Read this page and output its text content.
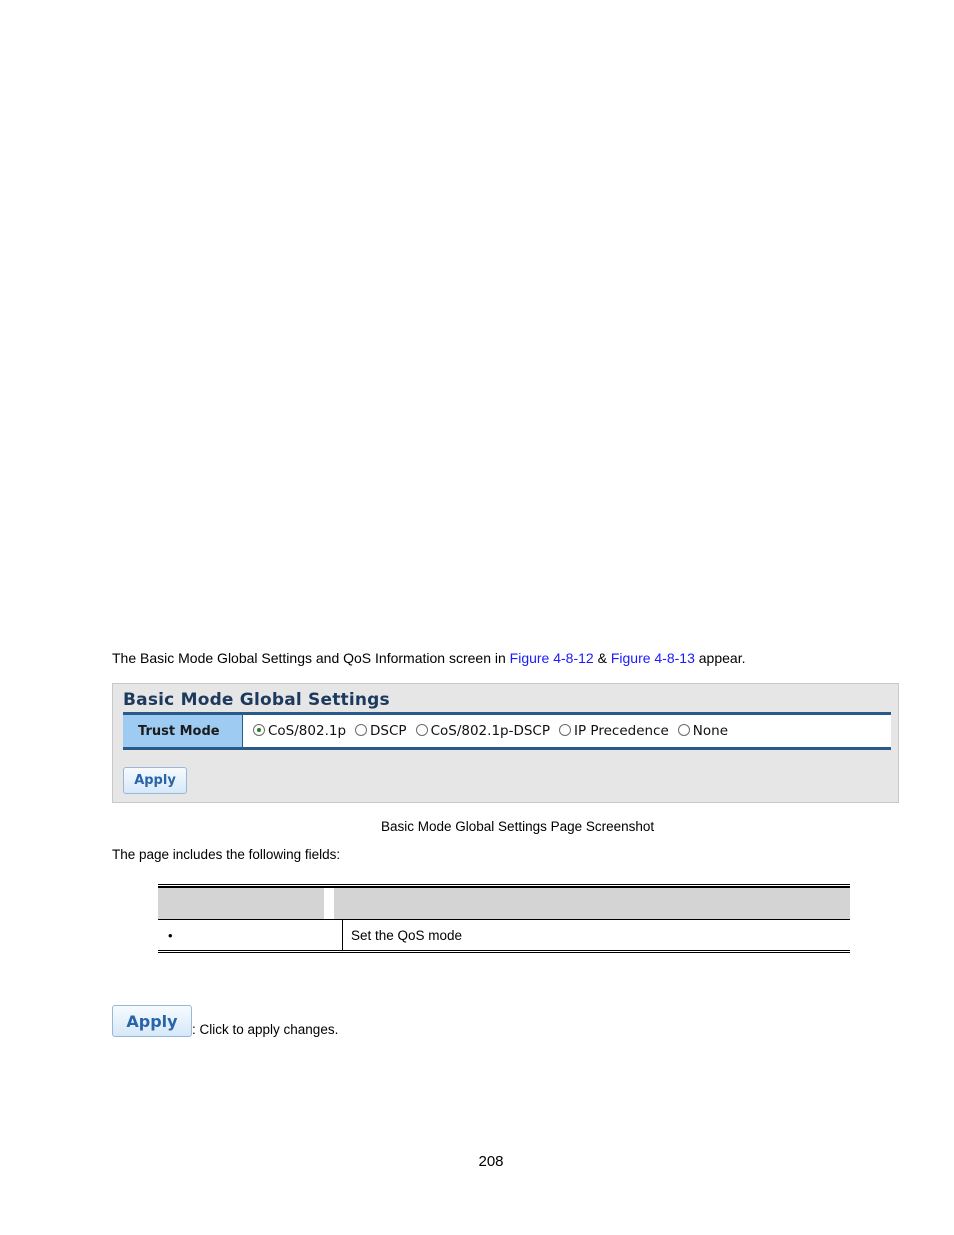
The Basic Mode Global Settings and QoS Information screen in Figure 4-8-12 & Figure 4-8-13 appear.
Basic Mode Global Settings
Trust Mode	CoS/802.1p DSCP CoS/802.1p-DSCP IP Precedence None
Apply
Basic Mode Global Settings Page Screenshot
The page includes the following fields:
•	Set the QoS mode
Apply	: Click to apply changes.
208
